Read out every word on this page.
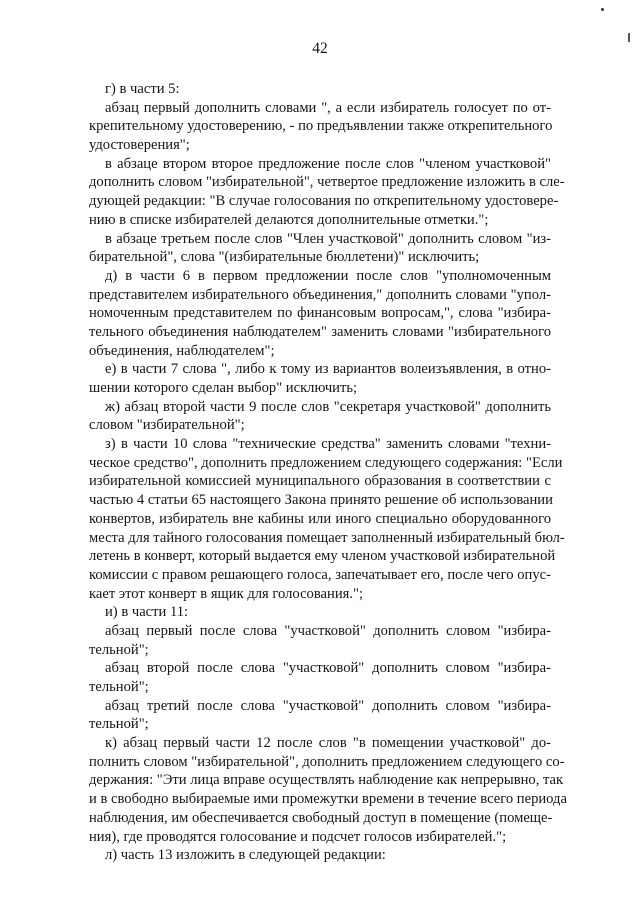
42
г) в части 5:
абзац первый дополнить словами ", а если избиратель голосует по от-
крепительному удостоверению, - по предъявлении также открепительного
удостоверения";
в абзаце втором второе предложение после слов "членом участковой"
дополнить словом "избирательной", четвертое предложение изложить в сле-
дующей редакции: "В случае голосования по открепительному удостовере-
нию в списке избирателей делаются дополнительные отметки.";
в абзаце третьем после слов "Член участковой" дополнить словом "из-
бирательной", слова "(избирательные бюллетени)" исключить;
д) в части 6 в первом предложении после слов "уполномоченным
представителем избирательного объединения," дополнить словами "упол-
номоченным представителем по финансовым вопросам,", слова "избира-
тельного объединения наблюдателем" заменить словами "избирательного
объединения, наблюдателем";
е) в части 7 слова ", либо к тому из вариантов волеизъявления, в отно-
шении которого сделан выбор" исключить;
ж) абзац второй части 9 после слов "секретаря участковой" дополнить
словом "избирательной";
з) в части 10 слова "технические средства" заменить словами "техни-
ческое средство", дополнить предложением следующего содержания: "Если
избирательной комиссией муниципального образования в соответствии с
частью 4 статьи 65 настоящего Закона принято решение об использовании
конвертов, избиратель вне кабины или иного специально оборудованного
места для тайного голосования помещает заполненный избирательный бюл-
летень в конверт, который выдается ему членом участковой избирательной
комиссии с правом решающего голоса, запечатывает его, после чего опус-
кает этот конверт в ящик для голосования.";
и) в части 11:
абзац первый после слова "участковой" дополнить словом "избира-
тельной";
абзац второй после слова "участковой" дополнить словом "избира-
тельной";
абзац третий после слова "участковой" дополнить словом "избира-
тельной";
к) абзац первый части 12 после слов "в помещении участковой" до-
полнить словом "избирательной", дополнить предложением следующего со-
держания: "Эти лица вправе осуществлять наблюдение как непрерывно, так
и в свободно выбираемые ими промежутки времени в течение всего периода
наблюдения, им обеспечивается свободный доступ в помещение (помеще-
ния), где проводятся голосование и подсчет голосов избирателей.";
л) часть 13 изложить в следующей редакции:
